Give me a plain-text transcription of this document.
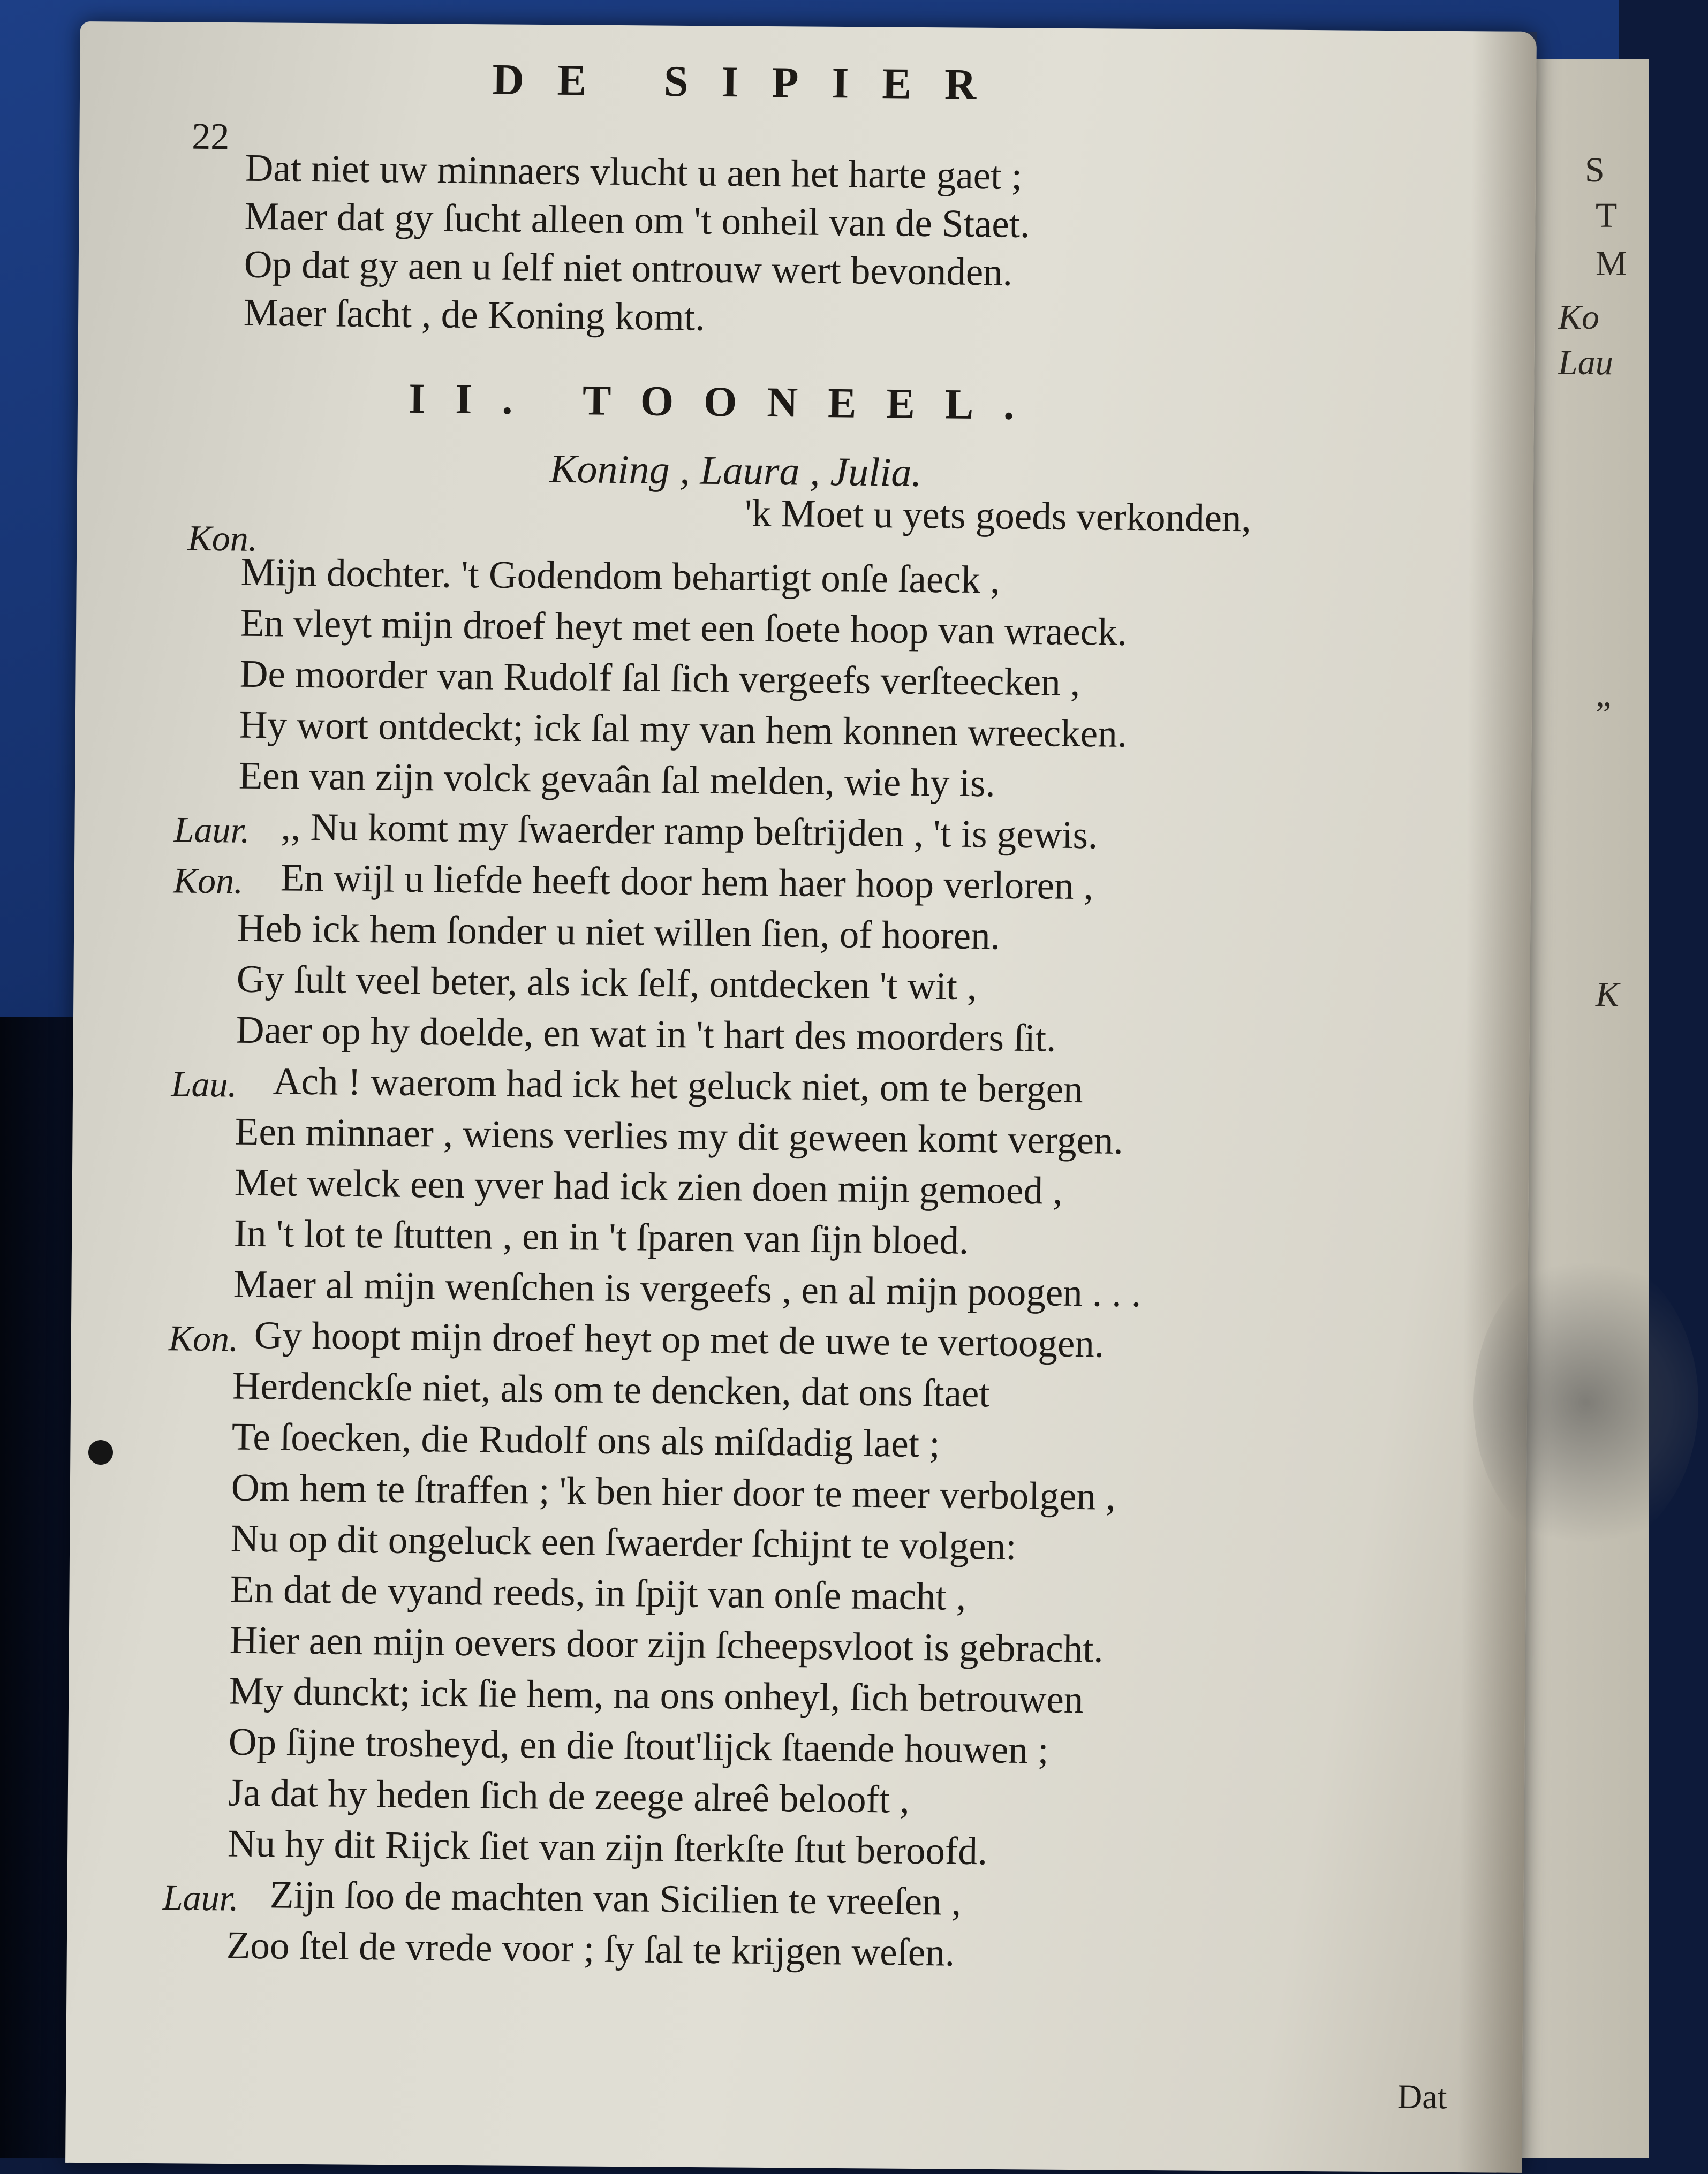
S
T
M
Ko
Lau
„
K
DE SIPIER
22
Dat niet uw minnaers vlucht u aen het harte gaet ;
Maer dat gy ſucht alleen om 't onheil van de Staet.
Op dat gy aen u ſelf niet ontrouw wert bevonden.
Maer ſacht , de Koning komt.
II. TOONEEL.
Koning , Laura , Julia.
'k Moet u yets goeds verkonden,
Kon.
Mijn dochter. 't Godendom behartigt onſe ſaeck ,
En vleyt mijn droef heyt met een ſoete hoop van wraeck.
De moorder van Rudolf ſal ſich vergeefs verſteecken ,
Hy wort ontdeckt; ick ſal my van hem konnen wreecken.
Een van zijn volck gevaân ſal melden, wie hy is.
Laur. ,, Nu komt my ſwaerder ramp beſtrijden , 't is gewis.
Kon. En wijl u liefde heeft door hem haer hoop verloren ,
Heb ick hem ſonder u niet willen ſien, of hooren.
Gy ſult veel beter, als ick ſelf, ontdecken 't wit ,
Daer op hy doelde, en wat in 't hart des moorders ſit.
Lau. Ach ! waerom had ick het geluck niet, om te bergen
Een minnaer , wiens verlies my dit geween komt vergen.
Met welck een yver had ick zien doen mijn gemoed ,
In 't lot te ſtutten , en in 't ſparen van ſijn bloed.
Maer al mijn wenſchen is vergeefs , en al mijn poogen . . .
Kon. Gy hoopt mijn droef heyt op met de uwe te vertoogen.
Herdenckſe niet, als om te dencken, dat ons ſtaet
Te ſoecken, die Rudolf ons als miſdadig laet ;
Om hem te ſtraffen ; 'k ben hier door te meer verbolgen ,
Nu op dit ongeluck een ſwaerder ſchijnt te volgen:
En dat de vyand reeds, in ſpijt van onſe macht ,
Hier aen mijn oevers door zijn ſcheepsvloot is gebracht.
My dunckt; ick ſie hem, na ons onheyl, ſich betrouwen
Op ſijne trosheyd, en die ſtout'lijck ſtaende houwen ;
Ja dat hy heden ſich de zeege alreê belooft ,
Nu hy dit Rijck ſiet van zijn ſterkſte ſtut beroofd.
Laur. Zijn ſoo de machten van Sicilien te vreeſen ,
Zoo ſtel de vrede voor ; ſy ſal te krijgen weſen.
Dat
